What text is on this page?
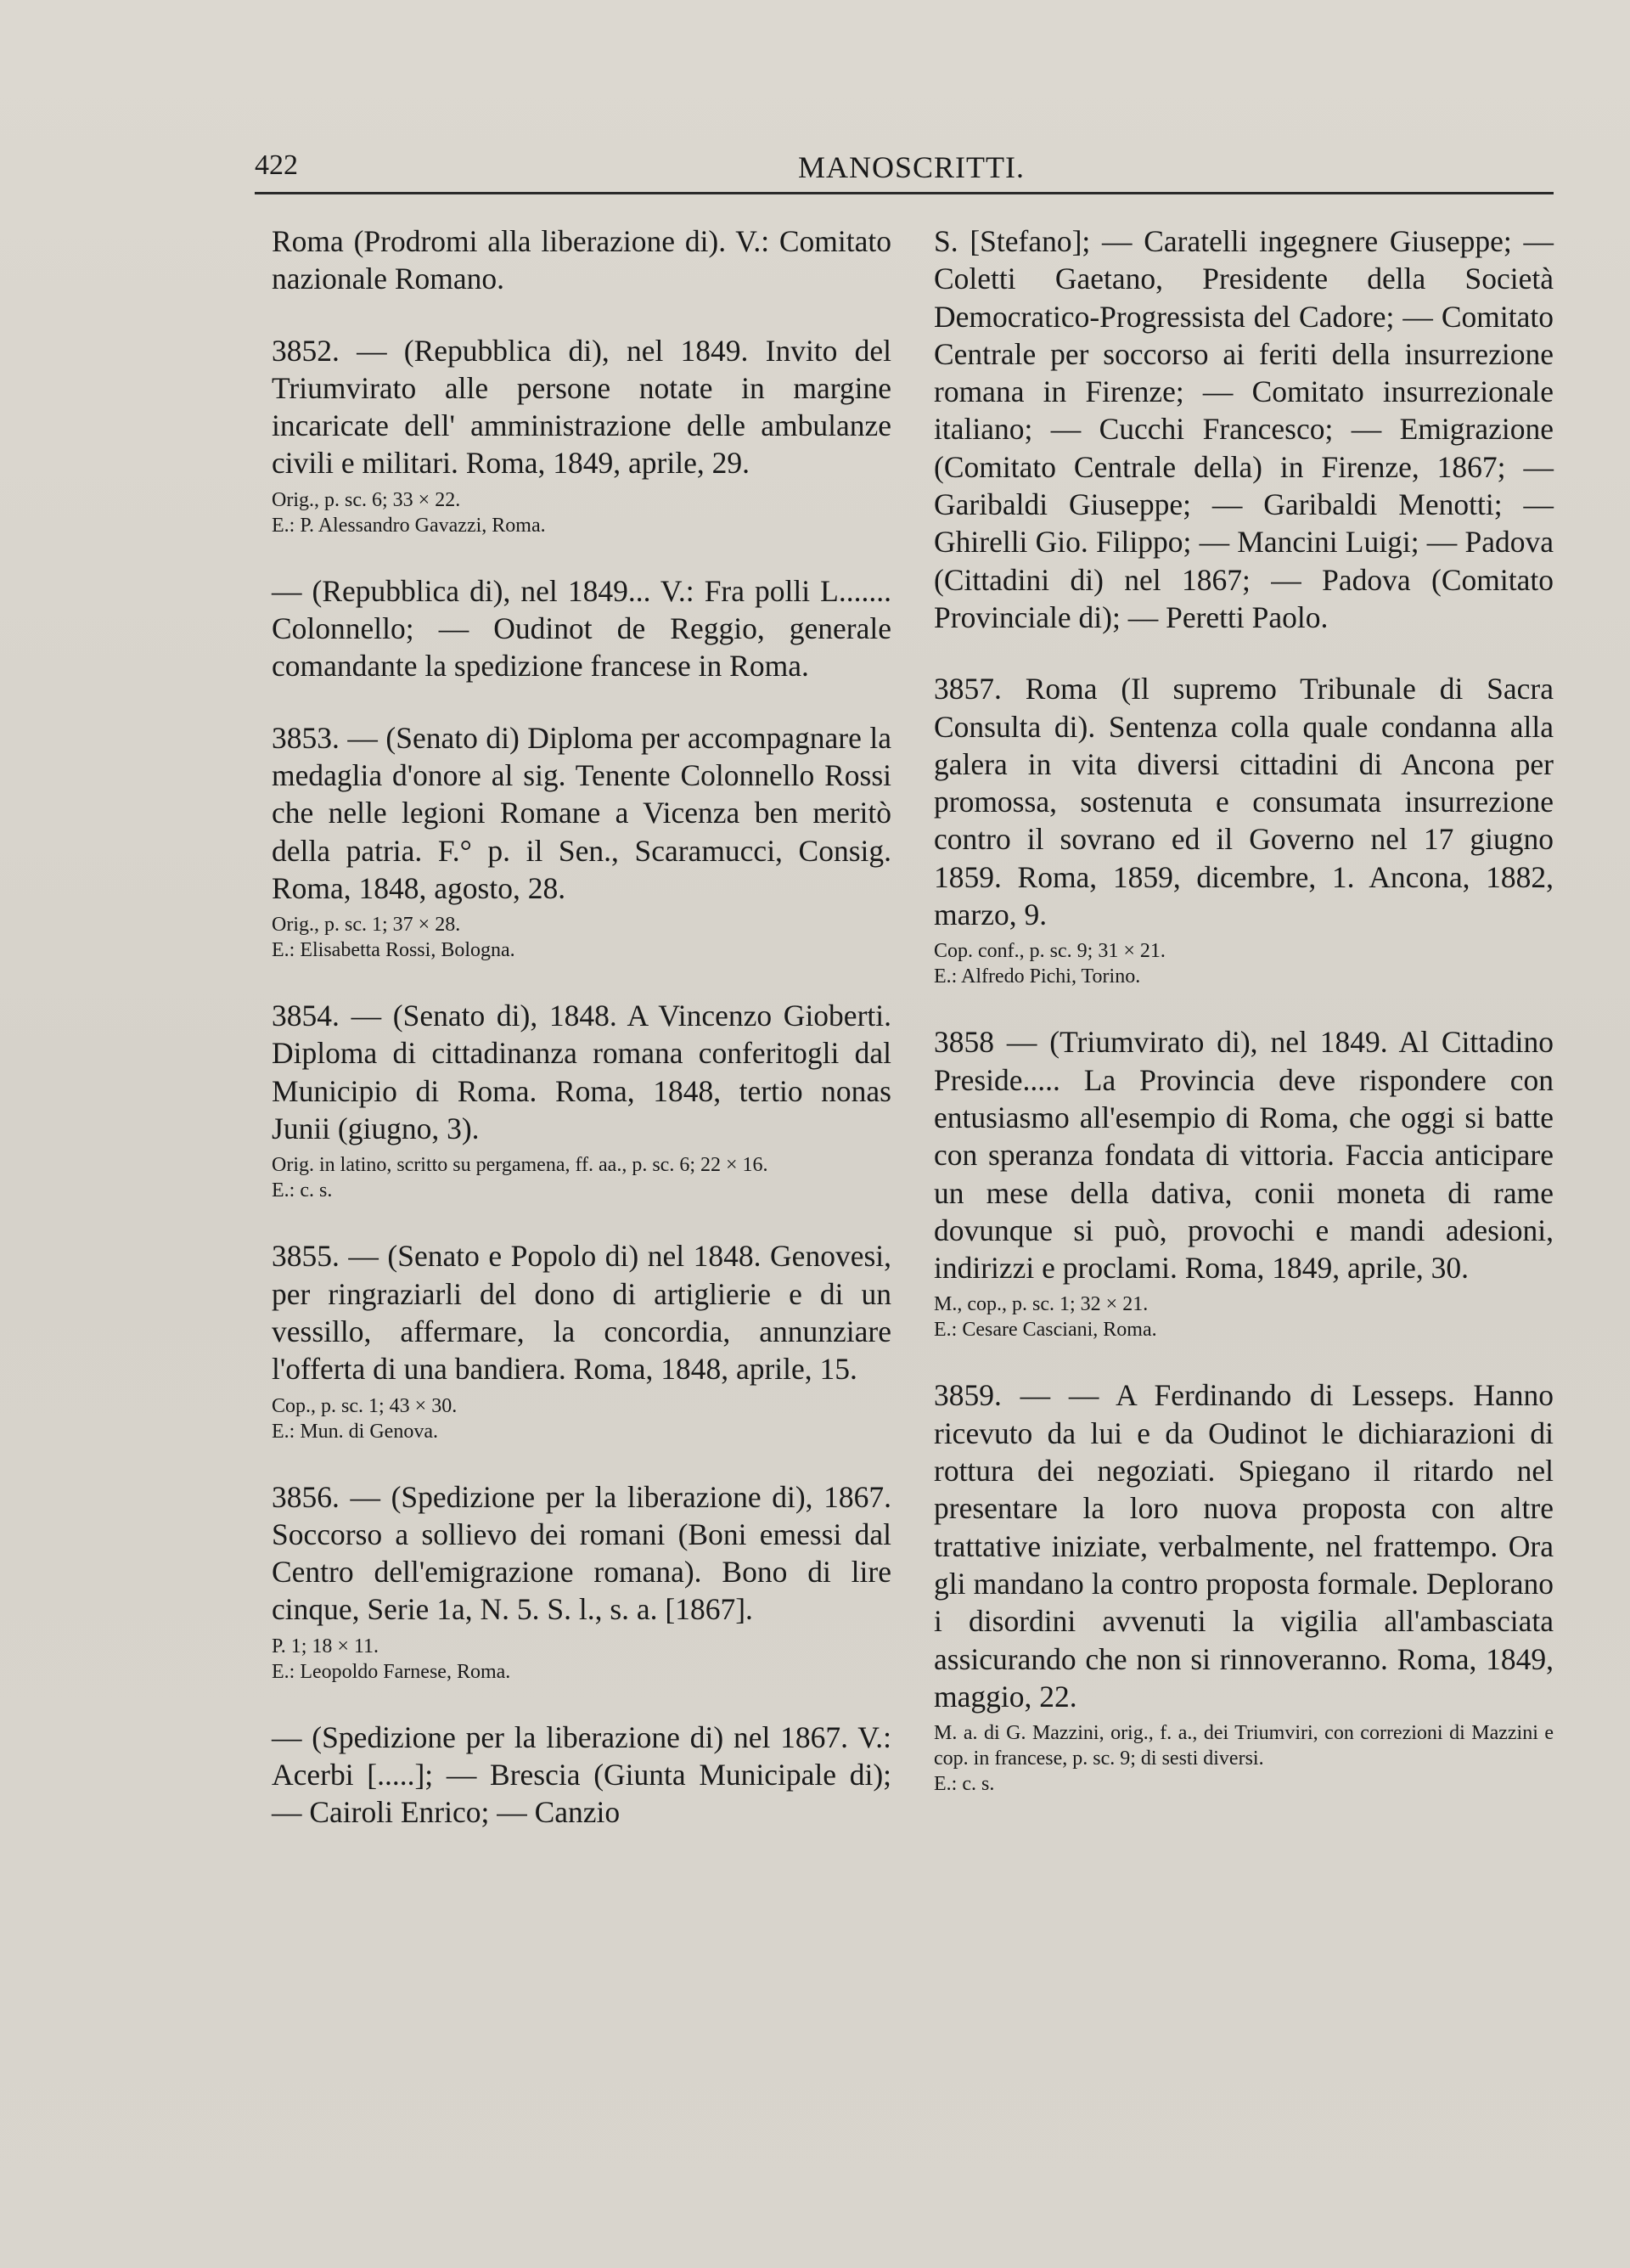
422	MANOSCRITTI.

Roma (Prodromi alla liberazione di). V.: Comitato nazionale Romano.

3852. — (Repubblica di), nel 1849. Invito del Triumvirato alle persone notate in margine incaricate dell' amministrazione delle ambulanze civili e militari. Roma, 1849, aprile, 29.

Orig., p. sc. 6; 33 × 22.
E.: P. Alessandro Gavazzi, Roma.

— (Repubblica di), nel 1849... V.: Fra polli L....... Colonnello; — Oudinot de Reggio, generale comandante la spedizione francese in Roma.

3853. — (Senato di) Diploma per accompagnare la medaglia d'onore al sig. Tenente Colonnello Rossi che nelle legioni Romane a Vicenza ben meritò della patria. F.° p. il Sen., Scaramucci, Consig. Roma, 1848, agosto, 28.

Orig., p. sc. 1; 37 × 28.
E.: Elisabetta Rossi, Bologna.

3854. — (Senato di), 1848. A Vincenzo Gioberti. Diploma di cittadinanza romana conferitogli dal Municipio di Roma. Roma, 1848, tertio nonas Junii (giugno, 3).

Orig. in latino, scritto su pergamena, ff. aa., p. sc. 6; 22 × 16.
E.: c. s.

3855. — (Senato e Popolo di) nel 1848. Genovesi, per ringraziarli del dono di artiglierie e di un vessillo, affermare, la concordia, annunziare l'offerta di una bandiera. Roma, 1848, aprile, 15.

Cop., p. sc. 1; 43 × 30.
E.: Mun. di Genova.

3856. — (Spedizione per la liberazione di), 1867. Soccorso a sollievo dei romani (Boni emessi dal Centro dell'emigrazione romana). Bono di lire cinque, Serie 1a, N. 5. S. l., s. a. [1867].

P. 1; 18 × 11.
E.: Leopoldo Farnese, Roma.

— (Spedizione per la liberazione di) nel 1867. V.: Acerbi [.....]; — Brescia (Giunta Municipale di); — Cairoli Enrico; — Canzio

S. [Stefano]; — Caratelli ingegnere Giuseppe; — Coletti Gaetano, Presidente della Società Democratico-Progressista del Cadore; — Comitato Centrale per soccorso ai feriti della insurrezione romana in Firenze; — Comitato insurrezionale italiano; — Cucchi Francesco; — Emigrazione (Comitato Centrale della) in Firenze, 1867; — Garibaldi Giuseppe; — Garibaldi Menotti; — Ghirelli Gio. Filippo; — Mancini Luigi; — Padova (Cittadini di) nel 1867; — Padova (Comitato Provinciale di); — Peretti Paolo.

3857. Roma (Il supremo Tribunale di Sacra Consulta di). Sentenza colla quale condanna alla galera in vita diversi cittadini di Ancona per promossa, sostenuta e consumata insurrezione contro il sovrano ed il Governo nel 17 giugno 1859. Roma, 1859, dicembre, 1. Ancona, 1882, marzo, 9.

Cop. conf., p. sc. 9; 31 × 21.
E.: Alfredo Pichi, Torino.

3858 — (Triumvirato di), nel 1849. Al Cittadino Preside..... La Provincia deve rispondere con entusiasmo all'esempio di Roma, che oggi si batte con speranza fondata di vittoria. Faccia anticipare un mese della dativa, conii moneta di rame dovunque si può, provochi e mandi adesioni, indirizzi e proclami. Roma, 1849, aprile, 30.

M., cop., p. sc. 1; 32 × 21.
E.: Cesare Casciani, Roma.

3859. — — A Ferdinando di Lesseps. Hanno ricevuto da lui e da Oudinot le dichiarazioni di rottura dei negoziati. Spiegano il ritardo nel presentare la loro nuova proposta con altre trattative iniziate, verbalmente, nel frattempo. Ora gli mandano la contro proposta formale. Deplorano i disordini avvenuti la vigilia all'ambasciata assicurando che non si rinnoveranno. Roma, 1849, maggio, 22.

M. a. di G. Mazzini, orig., f. a., dei Triumviri, con correzioni di Mazzini e cop. in francese, p. sc. 9; di sesti diversi.
E.: c. s.
